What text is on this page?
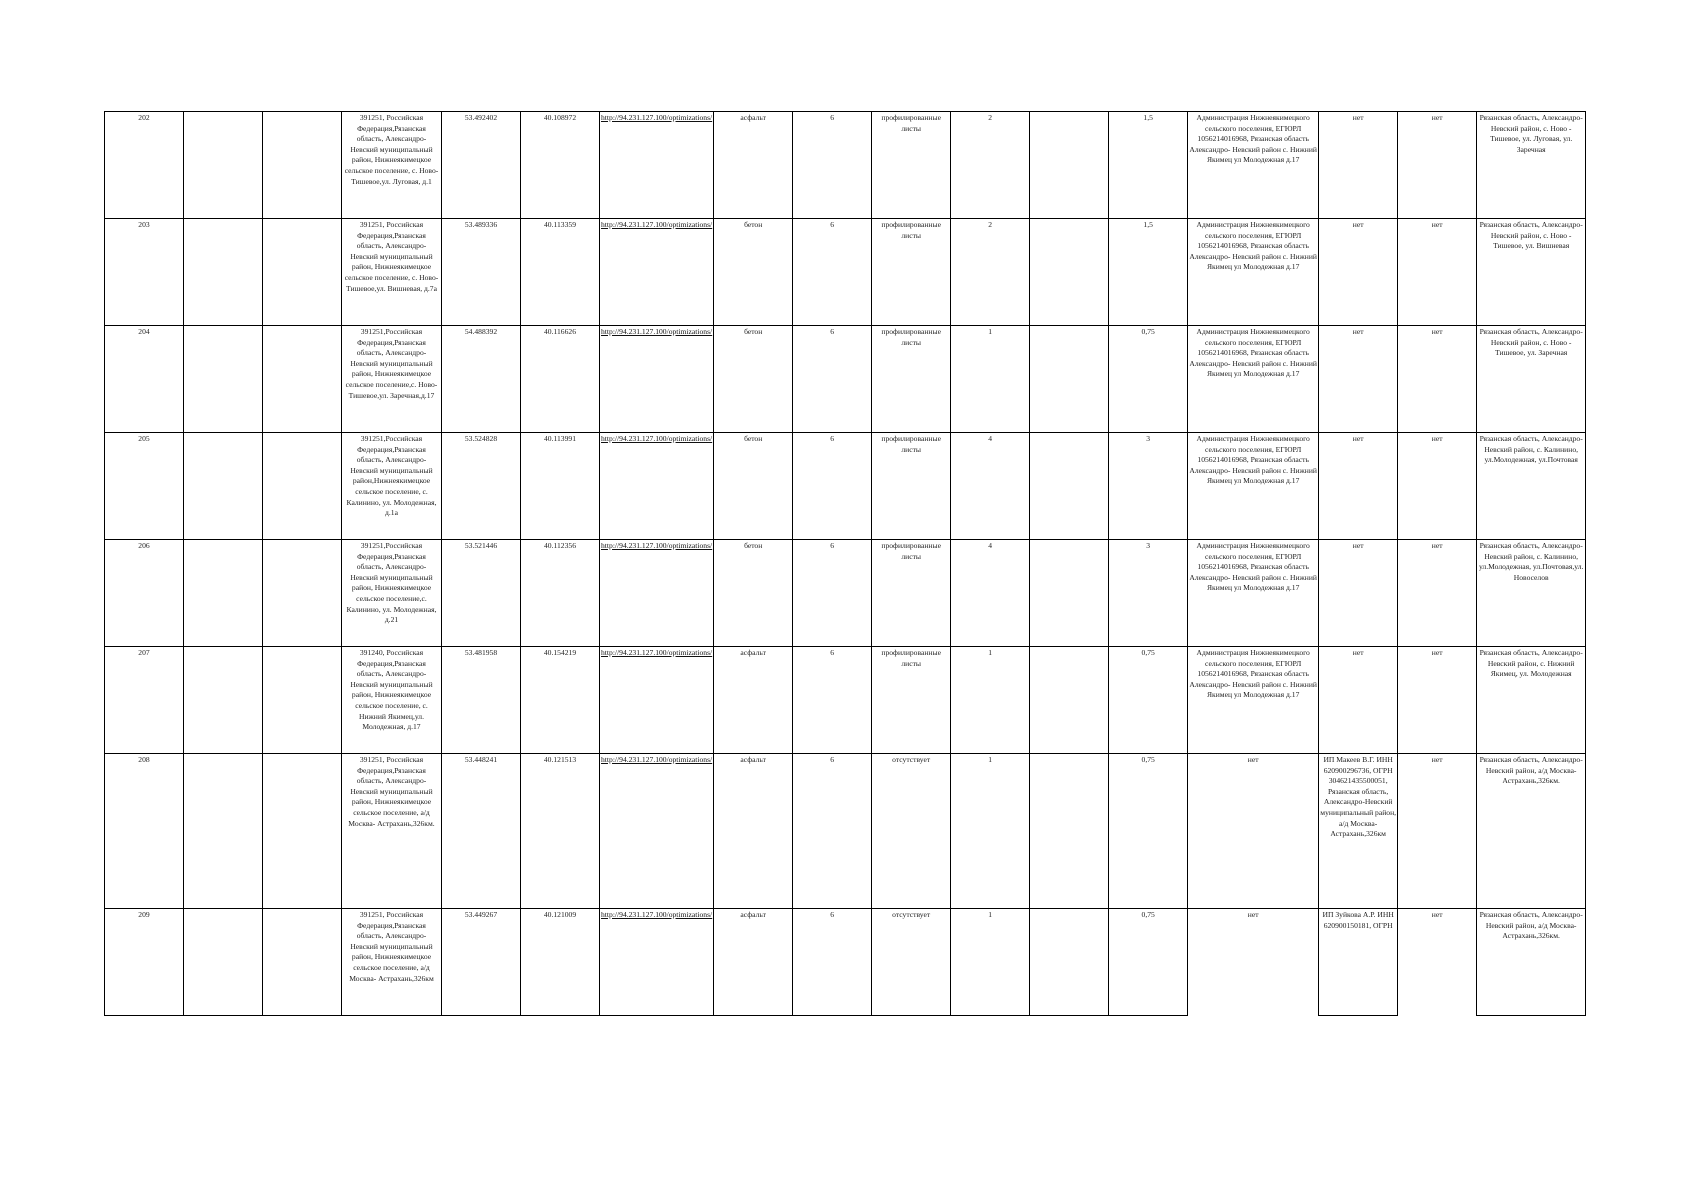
202			391251, Российская Федерация,Рязанская область, Александро-Невский муниципальный район, Нижнеякимецкое сельское поселение, с. Ново- Тишевое,ул. Луговая, д.1	53.492402	40.108972	http://94.231.127.100/optimizations/	асфальт	6	профилированные листы	2		1,5	Администрация Нижнеякимецкого сельского поселения, ЕГЮРЛ 1056214016968, Рязанская область Александро- Невский район с. Нижний Якимец ул Молодежная д.17	нет	нет	Рязанская область, Александро- Невский район, с. Ново - Тишевое, ул. Луговая, ул. Заречная
203			391251, Российская Федерация,Рязанская область, Александро-Невский муниципальный район, Нижнеякимецкое сельское поселение, с. Ново- Тишевое,ул. Вишневая, д.7а	53.489336	40.113359	http://94.231.127.100/optimizations/	бетон	6	профилированные листы	2		1,5	Администрация Нижнеякимецкого сельского поселения, ЕГЮРЛ 1056214016968, Рязанская область Александро- Невский район с. Нижний Якимец ул Молодежная д.17	нет	нет	Рязанская область, Александро- Невский район, с. Ново - Тишевое, ул. Вишневая
204			391251,Российская Федерация,Рязанская область, Александро-Невский муниципальный район, Нижнеякимецкое сельское поселение,с. Ново- Тишевое,ул. Заречная,д.17	54.488392	40.116626	http://94.231.127.100/optimizations/	бетон	6	профилированные листы	1		0,75	Администрация Нижнеякимецкого сельского поселения, ЕГЮРЛ 1056214016968, Рязанская область Александро- Невский район с. Нижний Якимец ул Молодежная д.17	нет	нет	Рязанская область, Александро- Невский район, с. Ново - Тишевое, ул. Заречная
205			391251,Российская Федерация,Рязанская область, Александро-Невский муниципальный район,Нижнеякимецкое сельское поселение, с. Калинино, ул. Молодежная, д.1а	53.524828	40.113991	http://94.231.127.100/optimizations/	бетон	6	профилированные листы	4		3	Администрация Нижнеякимецкого сельского поселения, ЕГЮРЛ 1056214016968, Рязанская область Александро- Невский район с. Нижний Якимец ул Молодежная д.17	нет	нет	Рязанская область, Александро- Невский район, с. Калинино, ул.Молодежная, ул.Почтовая
206			391251,Российская Федерация,Рязанская область, Александро-Невский муниципальный район, Нижнеякимецкое сельское поселение,с. Калинино, ул. Молодежная, д.21	53.521446	40.112356	http://94.231.127.100/optimizations/	бетон	6	профилированные листы	4		3	Администрация Нижнеякимецкого сельского поселения, ЕГЮРЛ 1056214016968, Рязанская область Александро- Невский район с. Нижний Якимец ул Молодежная д.17	нет	нет	Рязанская область, Александро- Невский район, с. Калинино, ул.Молодежная, ул.Почтовая,ул. Новоселов
207			391240, Российская Федерация,Рязанская область, Александро-Невский муниципальный район, Нижнеякимецкое сельское поселение, с. Нижний Якимец,ул. Молодежная, д.17	53.481958	40.154219	http://94.231.127.100/optimizations/	асфальт	6	профилированные листы	1		0,75	Администрация Нижнеякимецкого сельского поселения, ЕГЮРЛ 1056214016968, Рязанская область Александро- Невский район с. Нижний Якимец ул Молодежная д.17	нет	нет	Рязанская область, Александро- Невский район, с. Нижний Якимец, ул. Молодежная
208			391251, Российская Федерация,Рязанская область, Александро-Невский муниципальный район, Нижнеякимецкое сельское поселение, а/д Москва- Астрахань,326км.	53.448241	40.121513	http://94.231.127.100/optimizations/	асфальт	6	отсутствует	1		0,75	нет	ИП Макеев В.Г. ИНН 620900296736, ОГРН 304621435500051, Рязанская область, Александро-Невский муниципальный район, а/д Москва-Астрахань,326км	нет	Рязанская область, Александро- Невский район, а/д Москва- Астрахань,326км.
209			391251, Российская Федерация,Рязанская область, Александро-Невский муниципальный район, Нижнеякимецкое сельское поселение, а/д Москва- Астрахань,326км	53.449267	40.121009	http://94.231.127.100/optimizations/	асфальт	6	отсутствует	1		0,75	нет	ИП Зуйкова А.Р. ИНН 620900150181, ОГРН	нет	Рязанская область, Александро- Невский район, а/д Москва- Астрахань,326км.
